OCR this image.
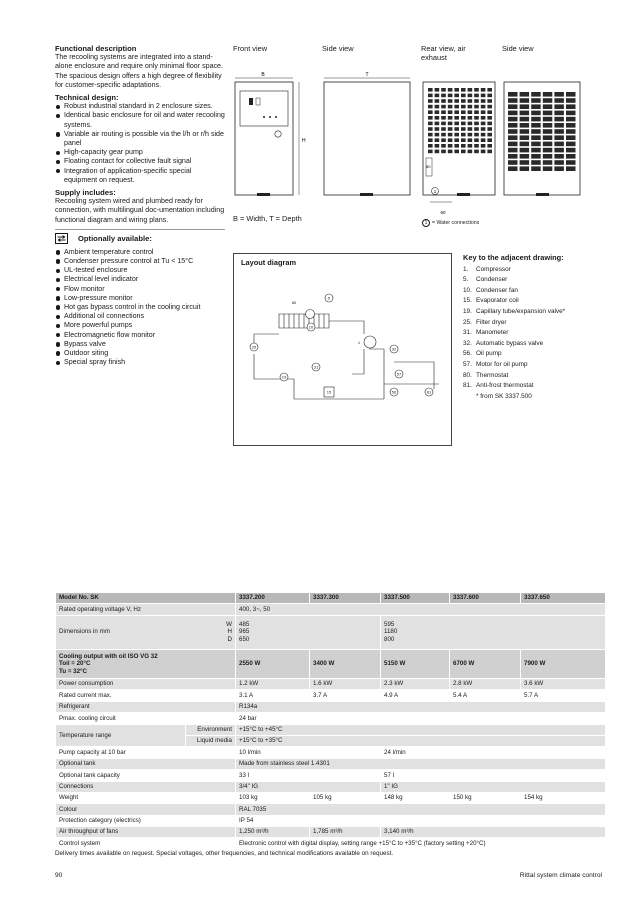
Functional description

The recooling systems are integrated into a stand-alone enclosure and require only minimal floor space. The spacious design offers a high degree of flexibility for customer-specific adaptations.

Technical design:
Robust industrial standard in 2 enclosure sizes.
Identical basic enclosure for oil and water recooling systems.
Variable air routing is possible via the l/h or r/h side panel
High-capacity gear pump
Floating contact for collective fault signal
Integration of application-specific special equipment on request.
Supply includes:

Recooling system wired and plumbed ready for connection, with multilingual doc-umentation including functional diagram and wiring plans.

Optionally available:
Ambient temperature control
Condenser pressure control at Tu < 15°C
UL-tested enclosure
Electrical level indicator
Flow monitor
Low-pressure monitor
Hot gas bypass control in the cooling circuit
Additional oil connections
More powerful pumps
Electromagnetic flow monitor
Bypass valve
Outdoor siting
Special spray finish
Front view	Side view	Rear view, air exhaust
Side view
B
H
T
80
1
60
B = Width, T = Depth	1 = Water connections
Layout diagram
5
10
25
31
19
32
57
56	81
1
15
80
Key to the adjacent drawing:
1.	Compressor
5.	Condenser
10. Condenser fan
15. Evaporator coil
19. Capillary tube/expansion valve*
25. Filter dryer
31. Manometer
32. Automatic bypass valve
56. Oil pump
57. Motor for oil pump
80. Thermostat
81. Anti-frost thermostat
* from SK 3337.500
Model No. SK	3337.200	3337.300	3337.500	3337.600	3337.650
Rated operating voltage V, Hz	400, 3~, 50				

Dimensions in mm
W
H
D	485
965
650		595
1180
800		
Cooling output with oil ISO VG 32
Toil = 20°C
Tu = 32°C	2550 W	3400 W	5150 W	6700 W	7900 W
Power consumption		1.2 kW	1.6 kW	2.3 kW	2.8 kW	3.6 kW
Rated current max.		3.1 A	3.7 A	4.9 A	5.4 A	5.7 A
Refrigerant		R134a				
Pmax. cooling circuit		24 bar				
Temperature range	Environment	+15°C to +45°C				
	Liquid media	+15°C to +35°C				
Pump capacity at 10 bar		10 l/min		24 l/min		
Optional tank		Made from stainless steel 1.4301				
Optional tank capacity		33 l		57 l		
Connections		3/4" IG		1" IG		
Weight		103 kg	105 kg	148 kg	150 kg	154 kg
Colour		RAL 7035				
Protection category (electrics)		IP 54				
Air throughput of fans		1,250 m³/h	1,785 m³/h	3,140 m³/h		
Control system		Electronic control with digital display, setting range +15°C to +35°C (factory setting +20°C)				
Delivery times available on request. Special voltages, other frequencies, and technical modifications available on request.
90	Rittal system climate control
